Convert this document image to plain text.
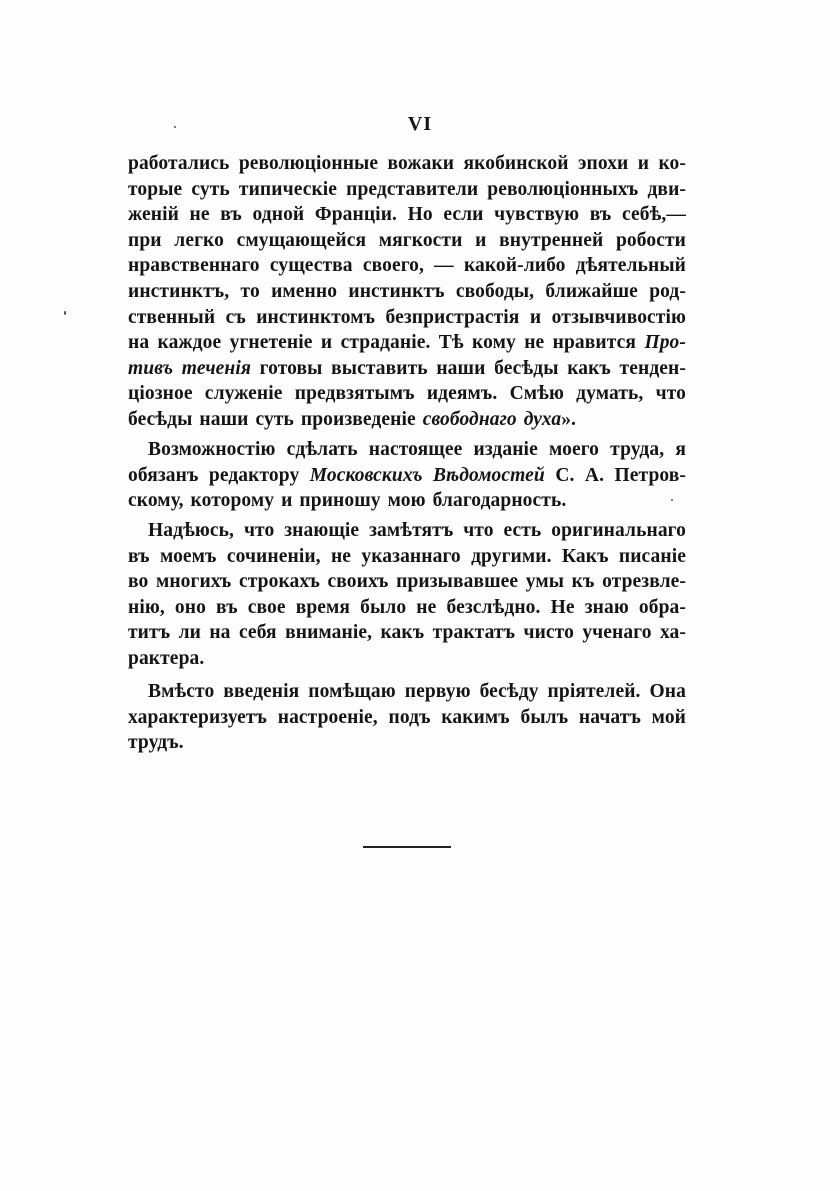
VI
работались революціонные вожаки якобинской эпохи и ко-
торые суть типическіе представители революціонныхъ дви-
женій не въ одной Франціи. Но если чувствую въ себѣ,—
при легко смущающейся мягкости и внутренней робости
нравственнаго существа своего, — какой-либо дѣятельный
инстинктъ, то именно инстинктъ свободы, ближайше род-
ственный съ инстинктомъ безпристрастія и отзывчивостію
на каждое угнетеніе и страданіе. Тѣ кому не нравится Про-
тивъ теченія готовы выставить наши бесѣды какъ тенден-
ціозное служеніе предвзятымъ идеямъ. Смѣю думать, что
бесѣды наши суть произведеніе свободнаго духа».
Возможностію сдѣлать настоящее изданіе моего труда, я
обязанъ редактору Московскихъ Вѣдомостей С. А. Петров-
скому, которому и приношу мою благодарность.
Надѣюсь, что знающіе замѣтятъ что есть оригинальнаго
въ моемъ сочиненіи, не указаннаго другими. Какъ писаніе
во многихъ строкахъ своихъ призывавшее умы къ отрезвле-
нію, оно въ свое время было не безслѣдно. Не знаю обра-
титъ ли на себя вниманіе, какъ трактатъ чисто ученаго ха-
рактера.
Вмѣсто введенія помѣщаю первую бесѣду пріятелей. Она
характеризуетъ настроеніе, подъ какимъ былъ начатъ мой
трудъ.
